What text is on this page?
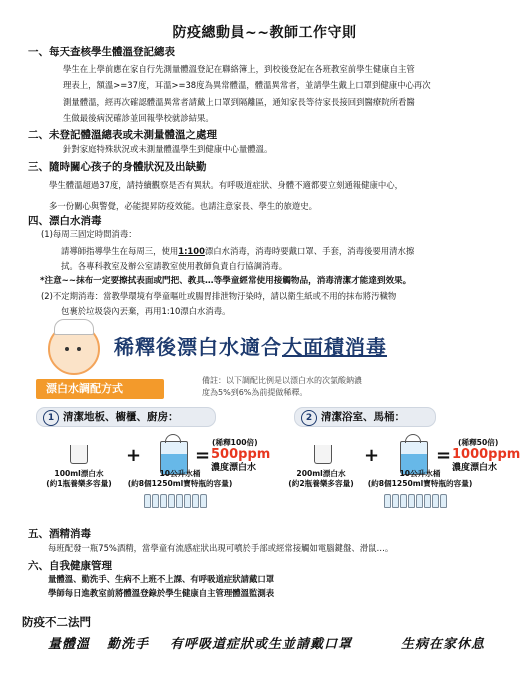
防疫總動員~~教師工作守則
一、每天查核學生體溫登記總表
學生在上學前應在家自行先測量體溫登記在聯絡簿上，到校後登記在各班教室前學生健康自主管
理表上，額溫>=37度，耳溫>=38度為異常體溫，體溫異常者，並請學生戴上口罩到健康中心再次
測量體溫，經再次確認體溫異常者請戴上口罩到隔離區，通知家長等待家長接回到醫療院所看醫
生做最後病況確診並回報學校就診結果。
二、未登記體溫總表或未測量體溫之處理
針對家庭特殊狀況或未測量體溫學生到健康中心量體溫。
三、隨時關心孩子的身體狀況及出缺勤
學生體溫超過37度，請持續觀察是否有異狀。有呼吸道症狀、身體不適都要立刻通報健康中心，
多一份關心與警覺，必能提昇防疫效能。也請注意家長、學生的旅遊史。
四、漂白水消毒
(1)每周三固定時間消毒：
請導師指導學生在每周三，使用1:100漂白水消毒，消毒時要戴口罩、手套，消毒後要用清水擦
拭。各專科教室及辦公室請教室使用教師負責自行協調消毒。
*注意~~抹布一定要擦拭表面或門把、教具…等學童經常使用接觸物品，消毒清潔才能達到效果。
(2)不定期消毒：當教學環境有學童嘔吐或腸胃排泄物汙染時，請以衛生紙或不用的抹布將汚穢物
包裹於垃圾袋內丟棄，再用1:10漂白水消毒。
稀釋後漂白水適合大面積消毒
漂白水調配方式
備註：以下調配比例是以漂白水的次氯酸鈉濃
度為5%到6%為前提做稀釋。
1 清潔地板、櫥櫃、廚房：	2 清潔浴室、馬桶：
100ml漂白水
(約1瓶養樂多容量)
+	=
(稀釋100倍)
500ppm
濃度漂白水
10公升水桶
(約8個1250ml寶特瓶的容量)
200ml漂白水
(約2瓶養樂多容量)
+	=
(稀釋50倍)
1000ppm
濃度漂白水
10公升水桶
(約8個1250ml寶特瓶的容量)
五、酒精消毒
每班配發一瓶75%酒精，當學童有流感症狀出現可噴於手部或經常接觸如電腦鍵盤、滑鼠…。
六、自我健康管理
量體溫、勤洗手、生病不上班不上課、有呼吸道症狀請戴口罩
學師每日進教室前將體溫登錄於學生健康自主管理體溫監測表
防疫不二法門
量體溫 勤洗手 有呼吸道症狀或生並請戴口罩	生病在家休息
